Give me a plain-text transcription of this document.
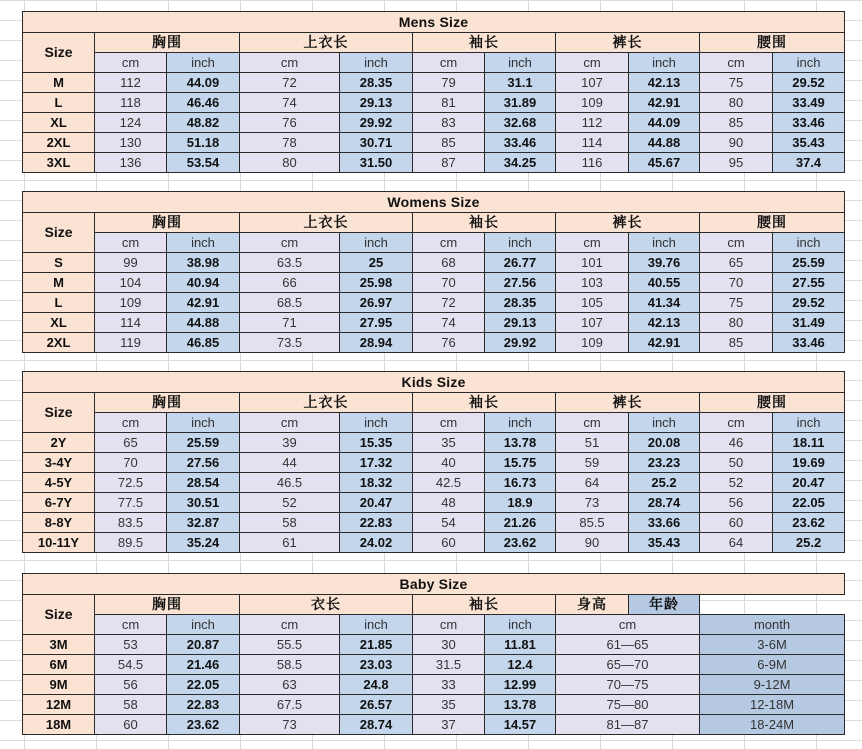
Mens Size										
Size	胸围		上衣长		袖长		裤长		腰围	
	cm	inch	cm	inch	cm	inch	cm	inch	cm	inch
M	112	44.09	72	28.35	79	31.1	107	42.13	75	29.52
L	118	46.46	74	29.13	81	31.89	109	42.91	80	33.49
XL	124	48.82	76	29.92	83	32.68	112	44.09	85	33.46
2XL	130	51.18	78	30.71	85	33.46	114	44.88	90	35.43
3XL	136	53.54	80	31.50	87	34.25	116	45.67	95	37.4
Womens Size										
Size	胸围		上衣长		袖长		裤长		腰围	
	cm	inch	cm	inch	cm	inch	cm	inch	cm	inch
S	99	38.98	63.5	25	68	26.77	101	39.76	65	25.59
M	104	40.94	66	25.98	70	27.56	103	40.55	70	27.55
L	109	42.91	68.5	26.97	72	28.35	105	41.34	75	29.52
XL	114	44.88	71	27.95	74	29.13	107	42.13	80	31.49
2XL	119	46.85	73.5	28.94	76	29.92	109	42.91	85	33.46
Kids Size										
Size	胸围		上衣长		袖长		裤长		腰围	
	cm	inch	cm	inch	cm	inch	cm	inch	cm	inch
2Y	65	25.59	39	15.35	35	13.78	51	20.08	46	18.11
3-4Y	70	27.56	44	17.32	40	15.75	59	23.23	50	19.69
4-5Y	72.5	28.54	46.5	18.32	42.5	16.73	64	25.2	52	20.47
6-7Y	77.5	30.51	52	20.47	48	18.9	73	28.74	56	22.05
8-8Y	83.5	32.87	58	22.83	54	21.26	85.5	33.66	60	23.62
10-11Y	89.5	35.24	61	24.02	60	23.62	90	35.43	64	25.2
Baby Size									
Size	胸围		衣长		袖长		身高	年龄	
	cm	inch	cm	inch	cm	inch	cm		month
3M	53	20.87	55.5	21.85	30	11.81	61—65		3-6M
6M	54.5	21.46	58.5	23.03	31.5	12.4	65—70		6-9M
9M	56	22.05	63	24.8	33	12.99	70—75		9-12M
12M	58	22.83	67.5	26.57	35	13.78	75—80		12-18M
18M	60	23.62	73	28.74	37	14.57	81—87		18-24M
